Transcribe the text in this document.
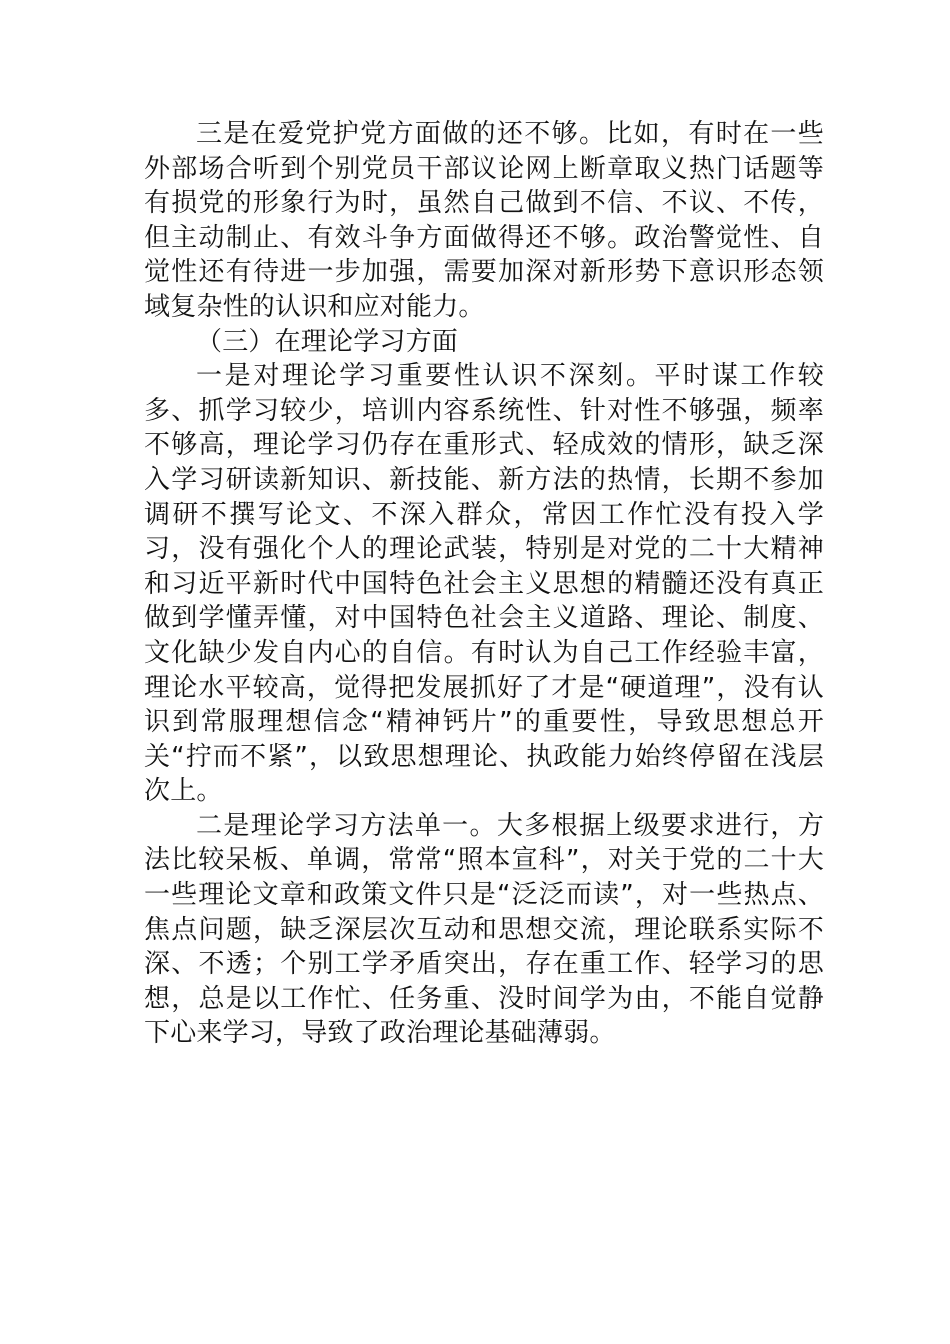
三是在爱党护党方面做的还不够。比如，有时在一些外部场合听到个别党员干部议论网上断章取义热门话题等有损党的形象行为时，虽然自己做到不信、不议、不传，但主动制止、有效斗争方面做得还不够。政治警觉性、自觉性还有待进一步加强，需要加深对新形势下意识形态领域复杂性的认识和应对能力。

（三）在理论学习方面

一是对理论学习重要性认识不深刻。平时谋工作较多、抓学习较少，培训内容系统性、针对性不够强，频率不够高，理论学习仍存在重形式、轻成效的情形，缺乏深入学习研读新知识、新技能、新方法的热情，长期不参加调研不撰写论文、不深入群众，常因工作忙没有投入学习，没有强化个人的理论武装，特别是对党的二十大精神和习近平新时代中国特色社会主义思想的精髓还没有真正做到学懂弄懂，对中国特色社会主义道路、理论、制度、文化缺少发自内心的自信。有时认为自己工作经验丰富，理论水平较高，觉得把发展抓好了才是“硬道理”，没有认识到常服理想信念“精神钙片”的重要性，导致思想总开关“拧而不紧”，以致思想理论、执政能力始终停留在浅层次上。

二是理论学习方法单一。大多根据上级要求进行，方法比较呆板、单调，常常“照本宣科”，对关于党的二十大一些理论文章和政策文件只是“泛泛而读”，对一些热点、焦点问题，缺乏深层次互动和思想交流，理论联系实际不深、不透；个别工学矛盾突出，存在重工作、轻学习的思想，总是以工作忙、任务重、没时间学为由，不能自觉静下心来学习，导致了政治理论基础薄弱。
